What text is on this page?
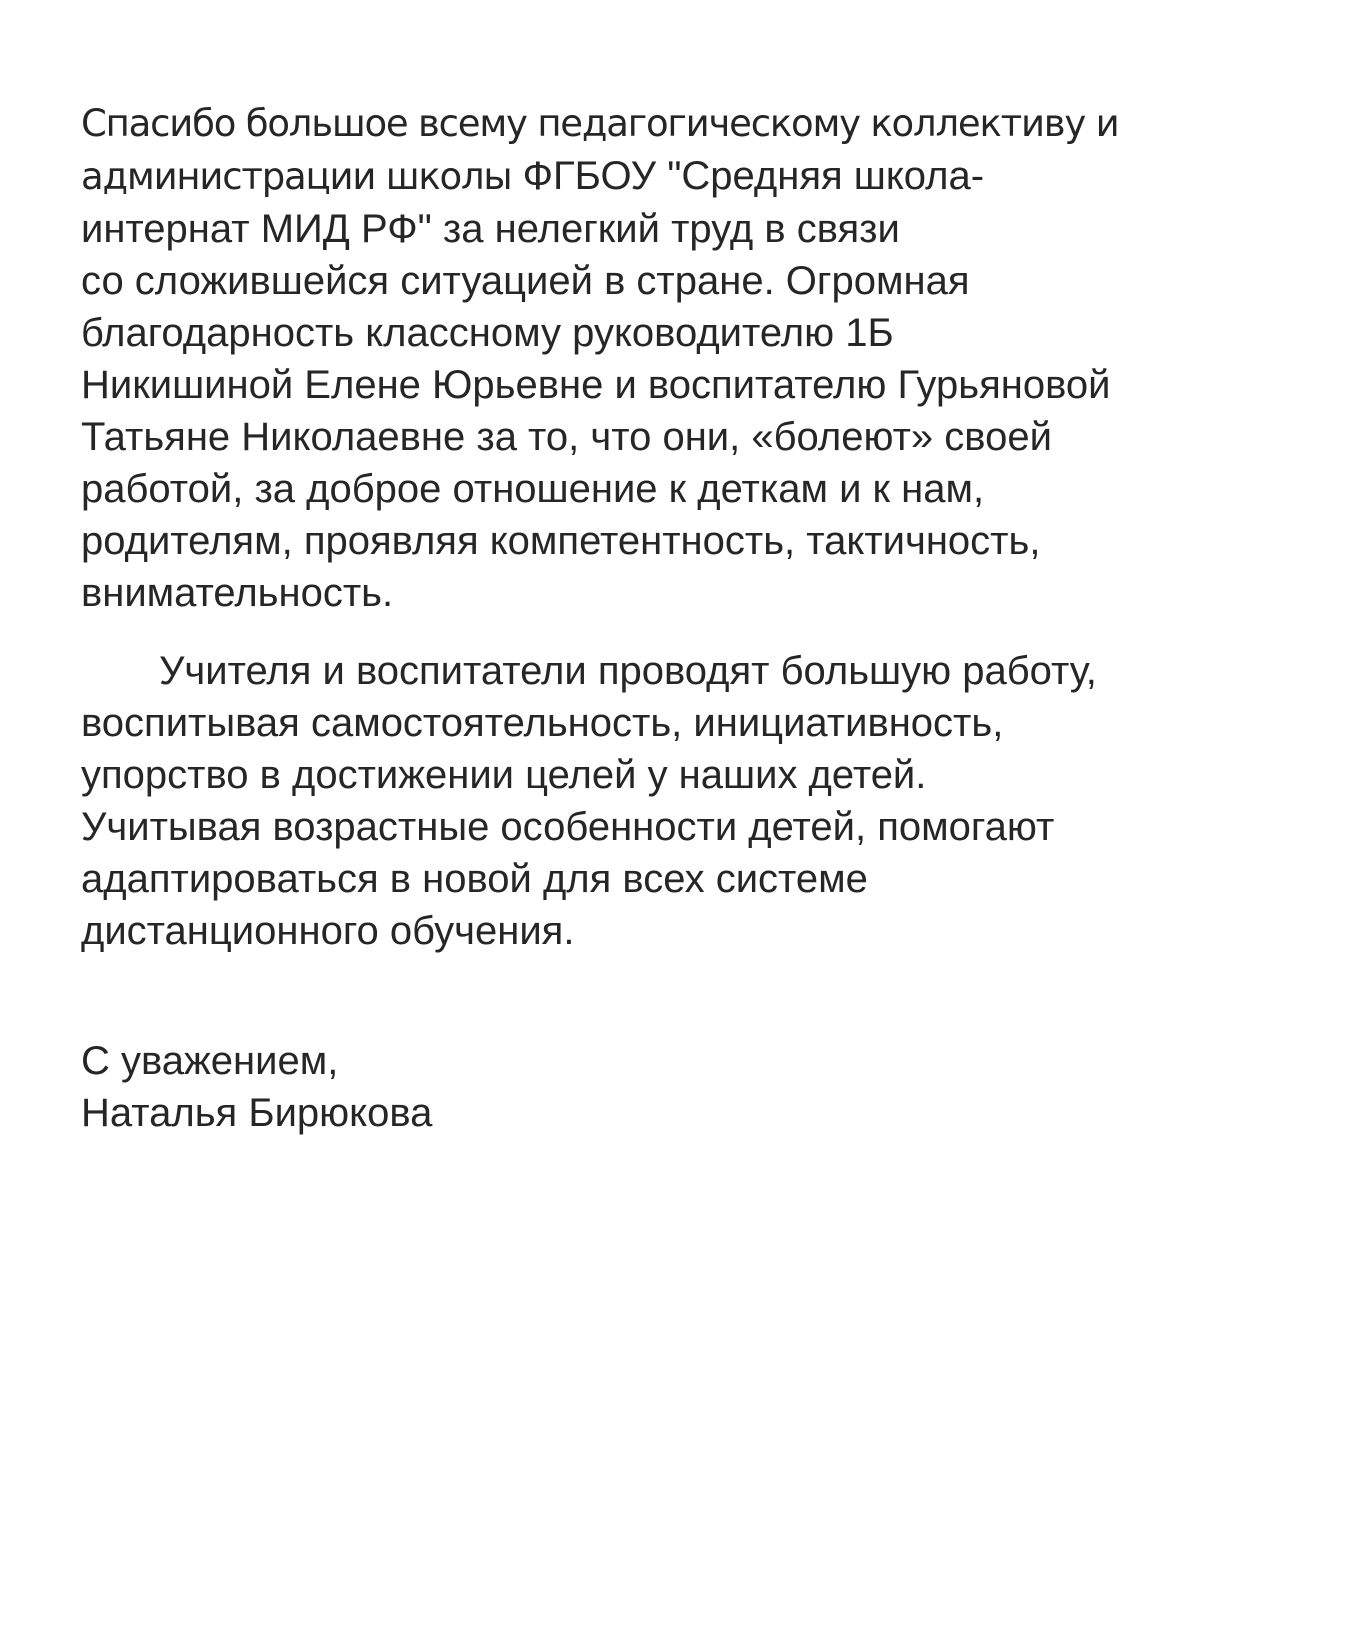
Спасибо большое всему педагогическому коллективу и
администрации школы ФГБОУ "Средняя школа-
интернат МИД РФ" за нелегкий труд в связи
со сложившейся ситуацией в стране. Огромная
благодарность классному руководителю 1Б
Никишиной Елене Юрьевне и воспитателю Гурьяновой
Татьяне Николаевне за то, что они, «болеют» своей
работой, за доброе отношение к деткам и к нам,
родителям, проявляя компетентность, тактичность,
внимательность.
Учителя и воспитатели проводят большую работу,
воспитывая самостоятельность, инициативность,
упорство в достижении целей у наших детей.
Учитывая возрастные особенности детей, помогают
адаптироваться в новой для всех системе
дистанционного обучения.
С уважением,
Наталья Бирюкова
